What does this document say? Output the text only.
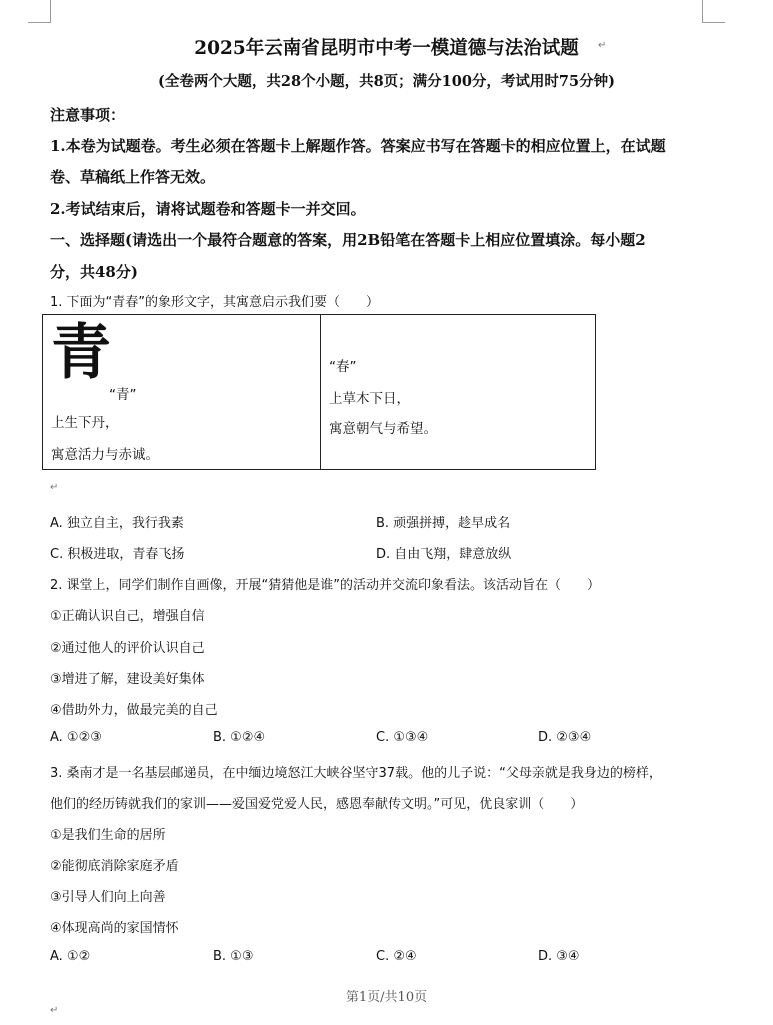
2025年云南省昆明市中考一模道德与法治试题	↵
(全卷两个大题，共28个小题，共8页；满分100分，考试用时75分钟)
注意事项：
1.本卷为试题卷。考生必须在答题卡上解题作答。答案应书写在答题卡的相应位置上，在试题
卷、草稿纸上作答无效。
2.考试结束后，请将试题卷和答题卡一并交回。
一、选择题(请选出一个最符合题意的答案，用2B铅笔在答题卡上相应位置填涂。每小题2
分，共48分)
1. 下面为“青春”的象形文字，其寓意启示我们要（　　）
青
“青”
上生下丹，
寓意活力与赤诚。
“春”
上草木下日，
寓意朝气与希望。
↵
A. 独立自主，我行我素	B. 顽强拼搏，趁早成名
C. 积极进取，青春飞扬	D. 自由飞翔，肆意放纵
2. 课堂上，同学们制作自画像，开展“猜猜他是谁”的活动并交流印象看法。该活动旨在（　　）
①正确认识自己，增强自信
②通过他人的评价认识自己
③增进了解，建设美好集体
④借助外力，做最完美的自己
A. ①②③	B. ①②④	C. ①③④	D. ②③④
3. 桑南才是一名基层邮递员，在中缅边境怒江大峡谷坚守37载。他的儿子说：“父母亲就是我身边的榜样，
他们的经历铸就我们的家训——爱国爱党爱人民，感恩奉献传文明。”可见，优良家训（　　）
①是我们生命的居所
②能彻底消除家庭矛盾
③引导人们向上向善
④体现高尚的家国情怀
A. ①②	B. ①③	C. ②④	D. ③④
第1页/共10页
↵
